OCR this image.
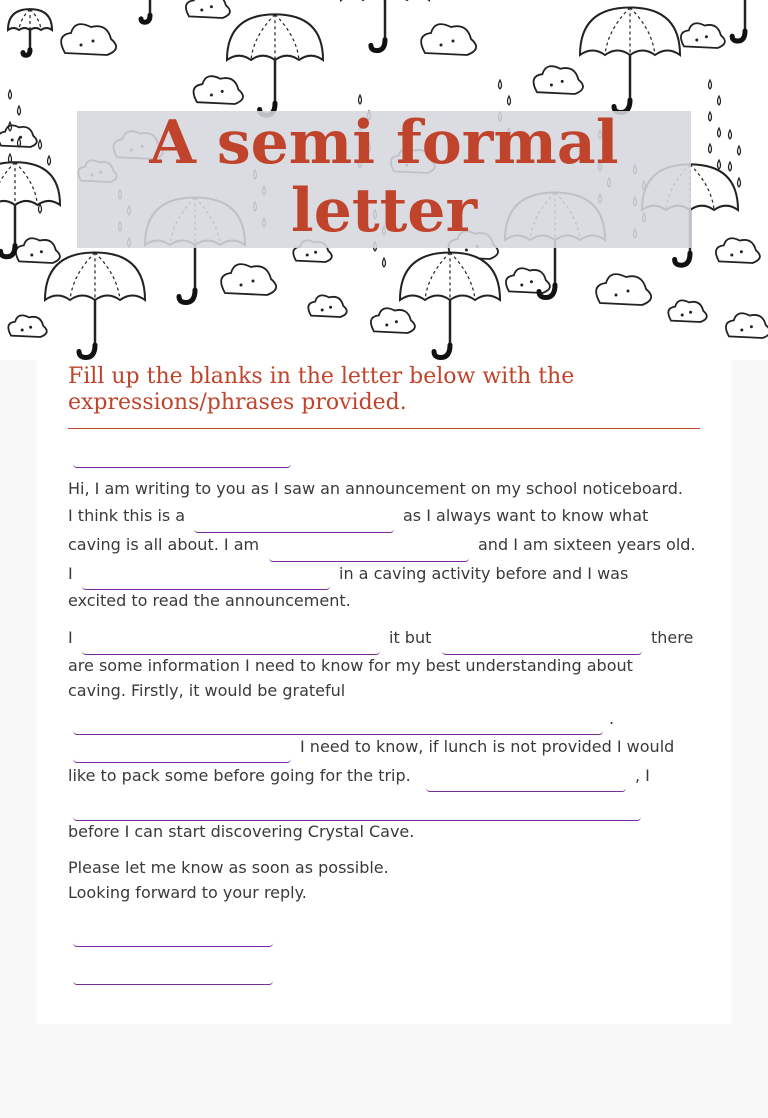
A semi formal
letter

Fill up the blanks in the letter below with the
expressions/phrases provided.

Hi, I am writing to you as I saw an announcement on my school noticeboard.
I think this is a	as I always want to know what
caving is all about. I am	and I am sixteen years old.
I	in a caving activity before and I was
excited to read the announcement.
I	it but	there
are some information I need to know for my best understanding about
caving. Firstly, it would be grateful
.
I need to know, if lunch is not provided I would
like to pack some before going for the trip.	, I
before I can start discovering Crystal Cave.
Please let me know as soon as possible.
Looking forward to your reply.
